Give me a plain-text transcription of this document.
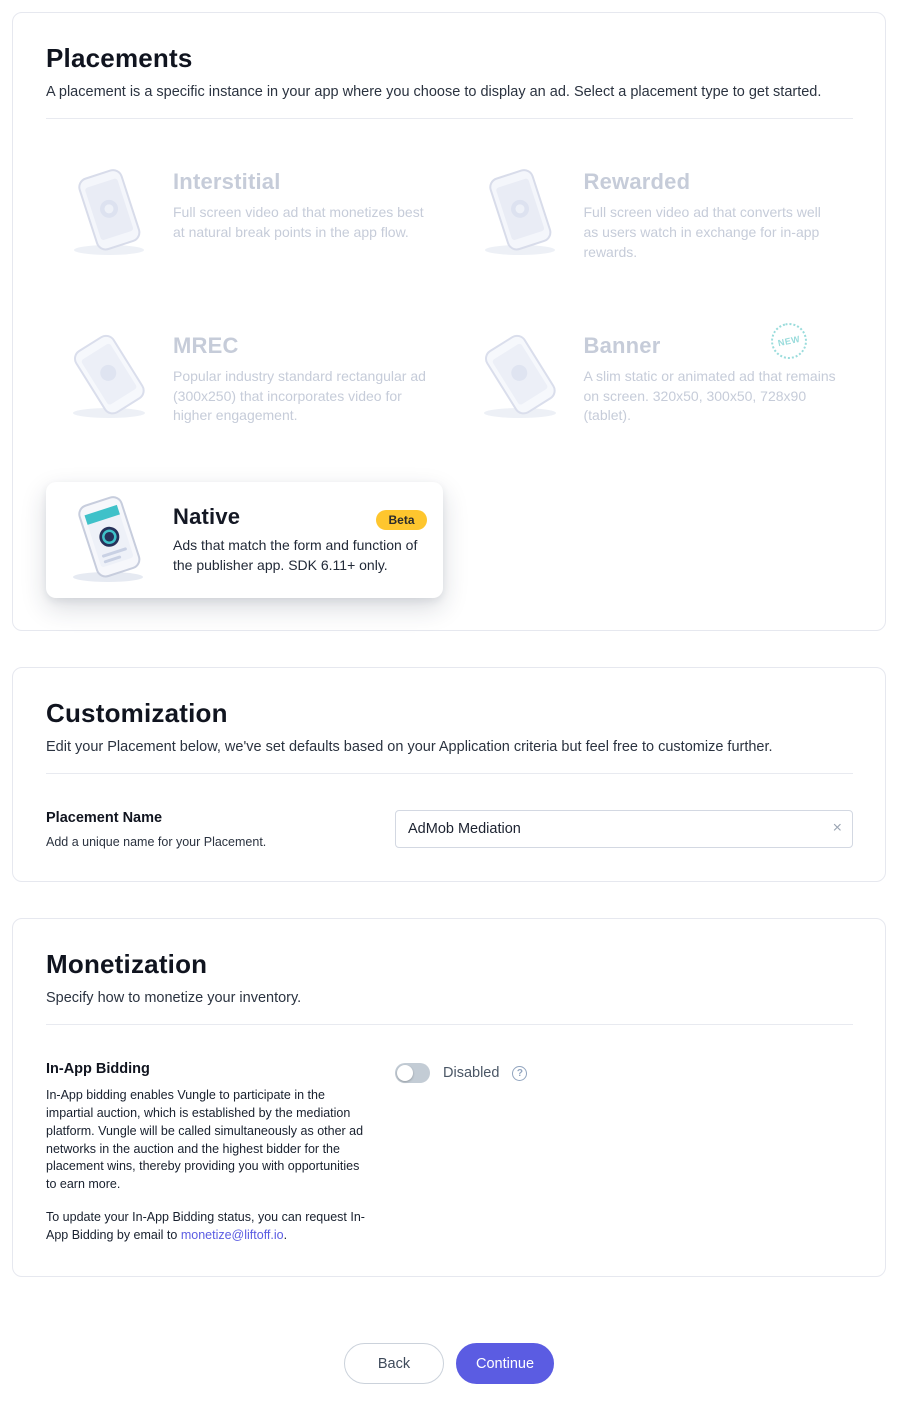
Placements

A placement is a specific instance in your app where you choose to display an ad. Select a placement type to get started.

Interstitial
Full screen video ad that monetizes best at natural break points in the app flow.
Rewarded
Full screen video ad that converts well as users watch in exchange for in-app rewards.
MREC
Popular industry standard rectangular ad (300x250) that incorporates video for higher engagement.
Banner
A slim static or animated ad that remains on screen. 320x50, 300x50, 728x90 (tablet).
NEW
Native	Beta
Ads that match the form and function of the publisher app. SDK 6.11+ only.
Customization

Edit your Placement below, we've set defaults based on your Application criteria but feel free to customize further.

Placement Name
Add a unique name for your Placement.
AdMob Mediation
×
Monetization

Specify how to monetize your inventory.

In-App Bidding

In-App bidding enables Vungle to participate in the impartial auction, which is established by the mediation platform. Vungle will be called simultaneously as other ad networks in the auction and the highest bidder for the placement wins, thereby providing you with opportunities to earn more.

To update your In-App Bidding status, you can request In-App Bidding by email to monetize@liftoff.io.

Disabled	?
Back	Continue
